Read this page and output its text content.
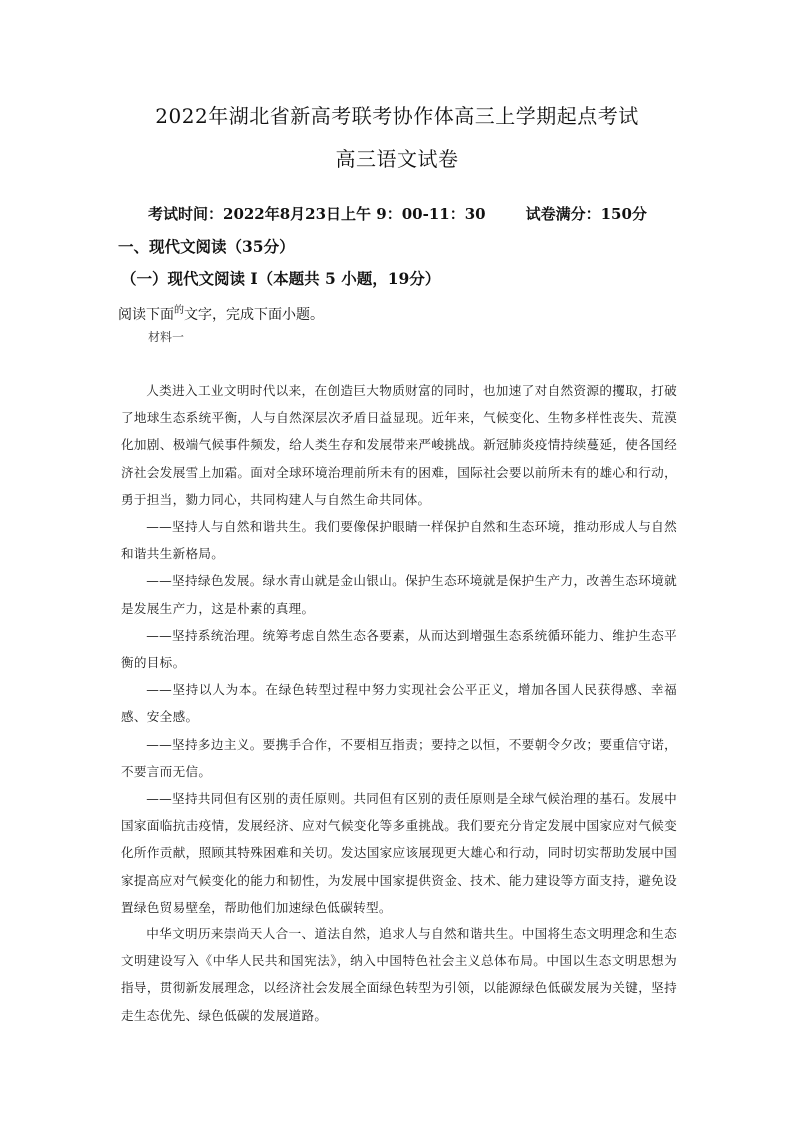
2022年湖北省新高考联考协作体高三上学期起点考试
高三语文试卷
考试时间：2022年8月23日上午 9：00-11：30	试卷满分：150分
一、现代文阅读（35分）
（一）现代文阅读 I（本题共 5 小题，19分）
阅读下面$^的$文字，完成下面小题。
材料一

人类进入工业文明时代以来，在创造巨大物质财富的同时，也加速了对自然资源的攫取，打破了地球生态系统平衡，人与自然深层次矛盾日益显现。近年来，气候变化、生物多样性丧失、荒漠化加剧、极端气候事件频发，给人类生存和发展带来严峻挑战。新冠肺炎疫情持续蔓延，使各国经济社会发展雪上加霜。面对全球环境治理前所未有的困难，国际社会要以前所未有的雄心和行动，勇于担当，勠力同心，共同构建人与自然生命共同体。

——坚持人与自然和谐共生。我们要像保护眼睛一样保护自然和生态环境，推动形成人与自然和谐共生新格局。

——坚持绿色发展。绿水青山就是金山银山。保护生态环境就是保护生产力，改善生态环境就是发展生产力，这是朴素的真理。

——坚持系统治理。统筹考虑自然生态各要素，从而达到增强生态系统循环能力、维护生态平衡的目标。

——坚持以人为本。在绿色转型过程中努力实现社会公平正义，增加各国人民获得感、幸福感、安全感。

——坚持多边主义。要携手合作，不要相互指责；要持之以恒，不要朝令夕改；要重信守诺，不要言而无信。

——坚持共同但有区别的责任原则。共同但有区别的责任原则是全球气候治理的基石。发展中国家面临抗击疫情，发展经济、应对气候变化等多重挑战。我们要充分肯定发展中国家应对气候变化所作贡献，照顾其特殊困难和关切。发达国家应该展现更大雄心和行动，同时切实帮助发展中国家提高应对气候变化的能力和韧性，为发展中国家提供资金、技术、能力建设等方面支持，避免设置绿色贸易壁垒，帮助他们加速绿色低碳转型。

中华文明历来崇尚天人合一、道法自然，追求人与自然和谐共生。中国将生态文明理念和生态文明建设写入《中华人民共和国宪法》，纳入中国特色社会主义总体布局。中国以生态文明思想为指导，贯彻新发展理念，以经济社会发展全面绿色转型为引领，以能源绿色低碳发展为关键，坚持走生态优先、绿色低碳的发展道路。
